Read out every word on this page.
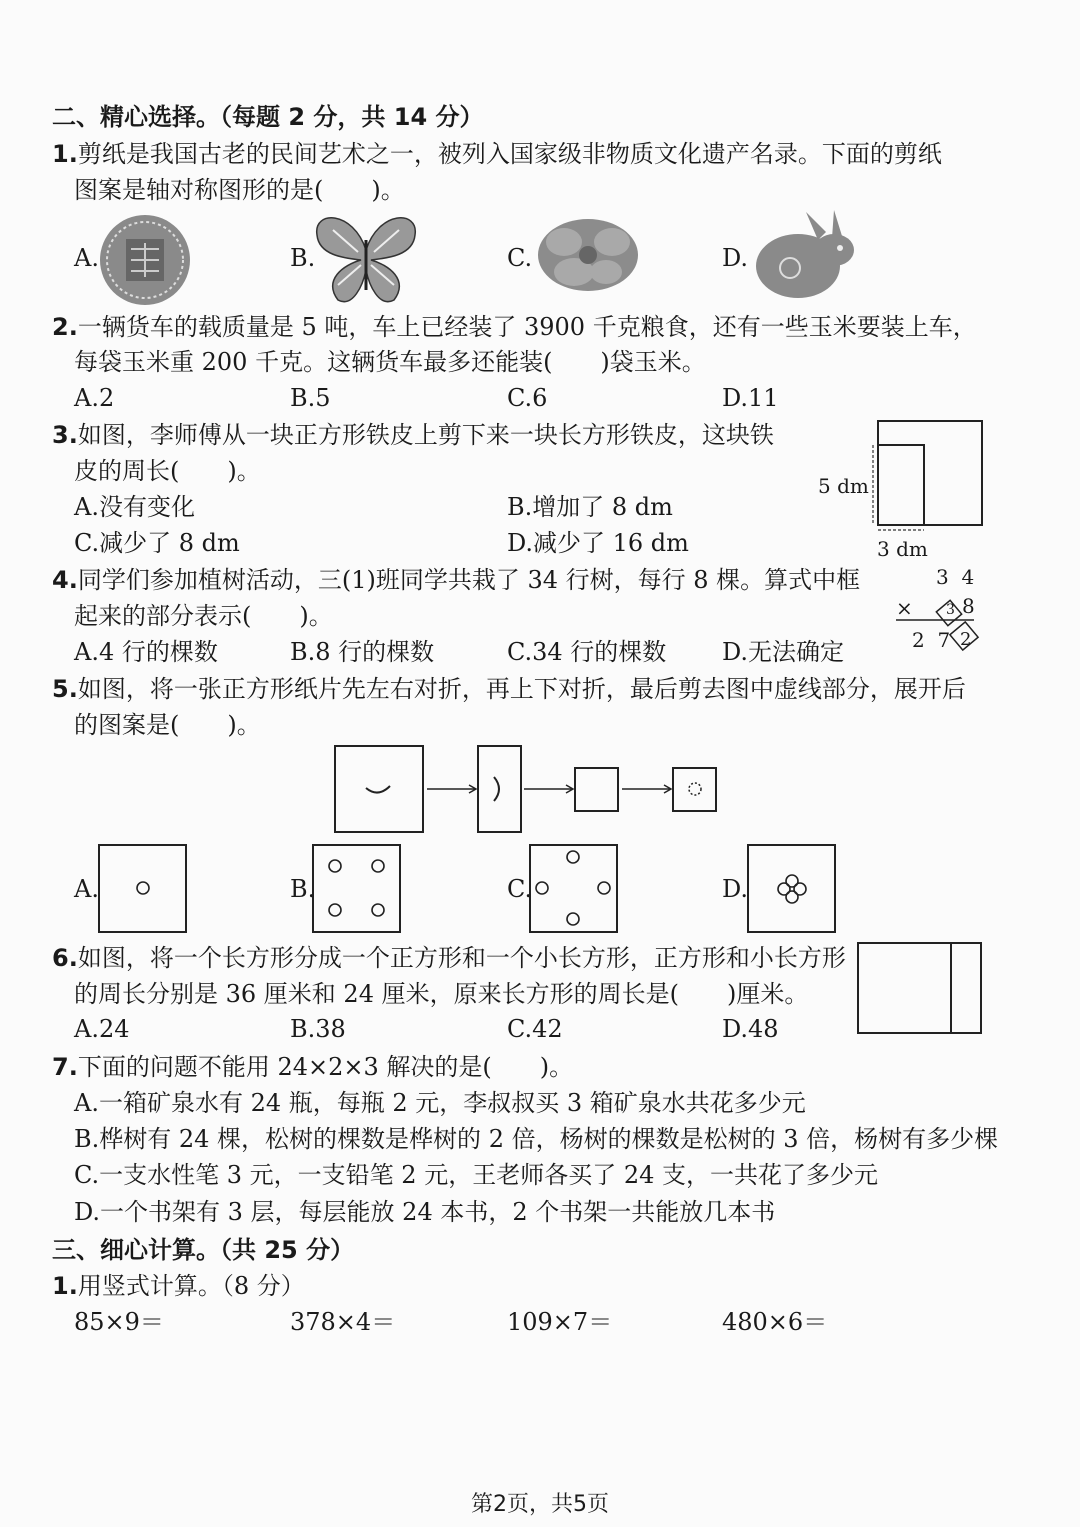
二、精心选择。（每题 2 分，共 14 分）
1.剪纸是我国古老的民间艺术之一，被列入国家级非物质文化遗产名录。下面的剪纸
图案是轴对称图形的是(　　)。
A.	B.	C.	D.
2.一辆货车的载质量是 5 吨，车上已经装了 3900 千克粮食，还有一些玉米要装上车，
每袋玉米重 200 千克。这辆货车最多还能装(　　)袋玉米。
A.2	B.5	C.6	D.11
3.如图，李师傅从一块正方形铁皮上剪下来一块长方形铁皮，这块铁
皮的周长(　　)。
A.没有变化	B.增加了 8 dm
C.减少了 8 dm	D.减少了 16 dm
5 dm
3 dm
4.同学们参加植树活动，三(1)班同学共栽了 34 行树，每行 8 棵。算式中框
起来的部分表示(　　)。
A.4 行的棵数	B.8 行的棵数	C.34 行的棵数 D.无法确定
3  4
× 8
3
2  7 2
5.如图，将一张正方形纸片先左右对折，再上下对折，最后剪去图中虚线部分，展开后
的图案是(　　)。
A.	B.	C.	D.
6.如图，将一个长方形分成一个正方形和一个小长方形，正方形和小长方形
的周长分别是 36 厘米和 24 厘米，原来长方形的周长是(　　)厘米。
A.24	B.38	C.42	D.48
7.下面的问题不能用 24×2×3 解决的是(　　)。
A.一箱矿泉水有 24 瓶，每瓶 2 元，李叔叔买 3 箱矿泉水共花多少元
B.桦树有 24 棵，松树的棵数是桦树的 2 倍，杨树的棵数是松树的 3 倍，杨树有多少棵
C.一支水性笔 3 元，一支铅笔 2 元，王老师各买了 24 支，一共花了多少元
D.一个书架有 3 层，每层能放 24 本书，2 个书架一共能放几本书
三、细心计算。（共 25 分）
1.用竖式计算。（8 分）
85×9＝	378×4＝	109×7＝	480×6＝
第2页，共5页
